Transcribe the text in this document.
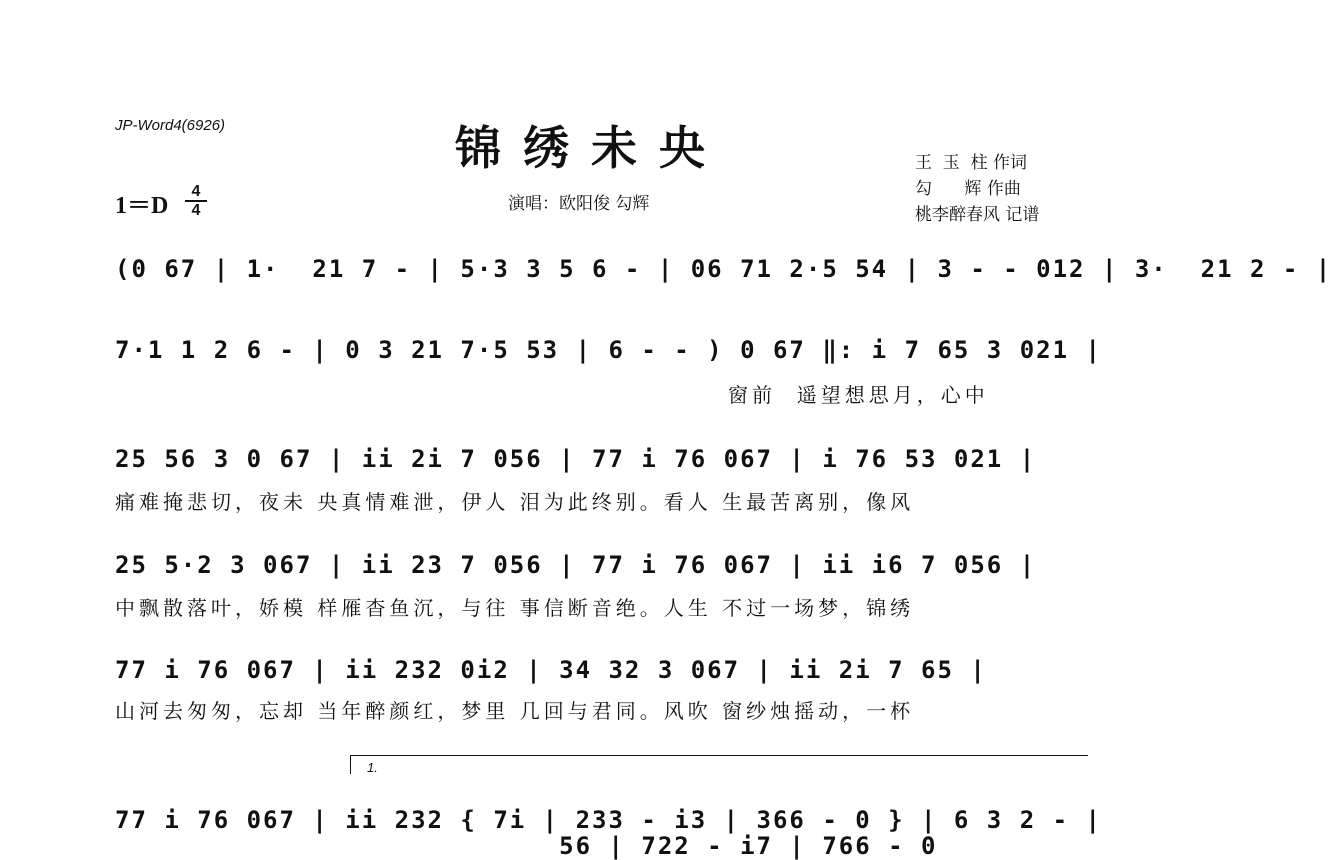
JP-Word4(6926)	锦绣未央	王  玉  柱 作词
勾      辉 作曲
桃李醉春风 记谱
1＝D
4
4	演唱：欧阳俊 勾辉
(0 67 | 1·  21 7 - | 5·3 3 5 6 - | 06 71 2·5 54 | 3 - - 012 | 3·  21 2 - |
7·1 1 2 6 - | 0 3 21 7·5 53 | 6 - - ) 0 67 ‖: i 7 65 3 021 |
窗前  遥望想思月，心中
25 56 3 0 67 | ii 2i 7 056 | 77 i 76 067 | i 76 53 021 |
痛难掩悲切，夜未 央真情难泄，伊人 泪为此终别。看人 生最苦离别，像风
25 5·2 3 067 | ii 23 7 056 | 77 i 76 067 | ii i6 7 056 |
中飘散落叶，娇模 样雁杳鱼沉，与往 事信断音绝。人生 不过一场梦，锦绣
77 i 76 067 | ii 232 0i2 | 34 32 3 067 | ii 2i 7 65 |
山河去匆匆，忘却 当年醉颜红，梦里 几回与君同。风吹 窗纱烛摇动，一杯
1.
77 i 76 067 | ii 232 { 7i | 233 - i3 | 366 - 0 } | 6 3 2 - |
56 | 722 - i7 | 766 - 0
